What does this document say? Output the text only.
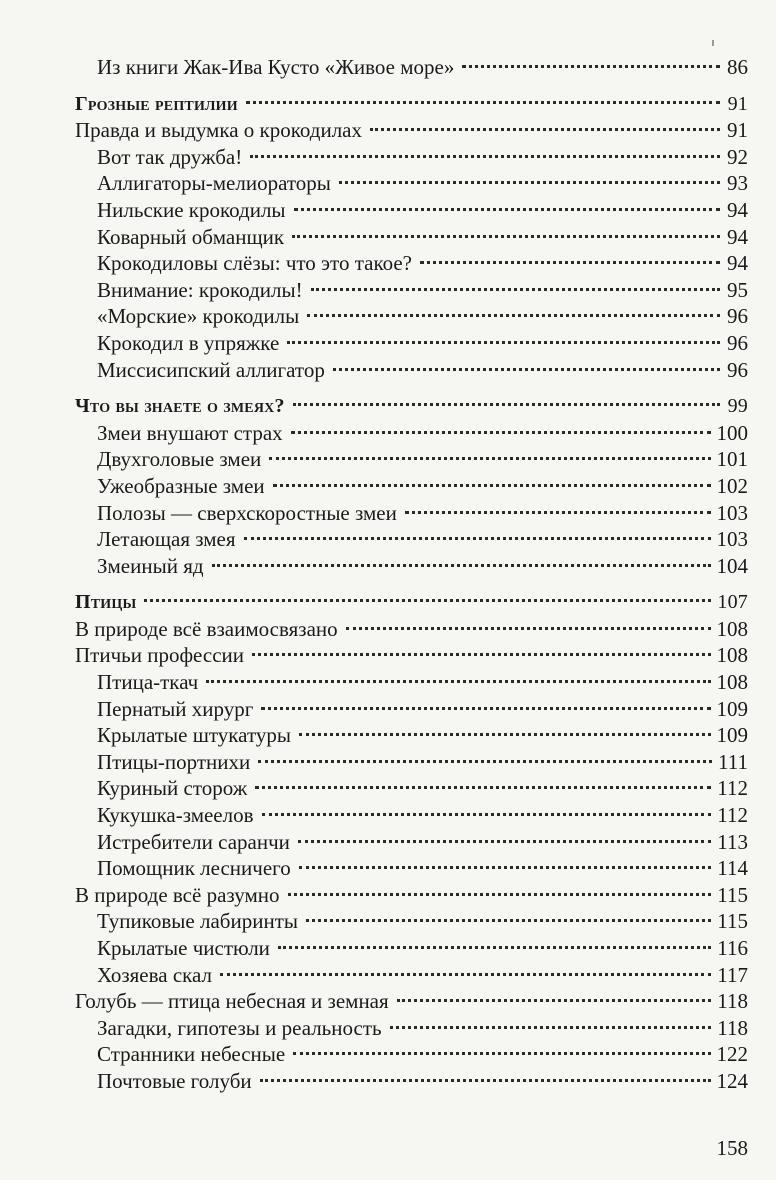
Из книги Жак-Ива Кусто «Живое море»	86
Грозные рептилии	91
Правда и выдумка о крокодилах	91
Вот так дружба!	92
Аллигаторы-мелиораторы	93
Нильские крокодилы	94
Коварный обманщик	94
Крокодиловы слёзы: что это такое?	94
Внимание: крокодилы!	95
«Морские» крокодилы	96
Крокодил в упряжке	96
Миссисипский аллигатор	96
Что вы знаете о змеях?	99
Змеи внушают страх	100
Двухголовые змеи	101
Ужеобразные змеи	102
Полозы — сверхскоростные змеи	103
Летающая змея	103
Змеиный яд	104
Птицы	107
В природе всё взаимосвязано	108
Птичьи профессии	108
Птица-ткач	108
Пернатый хирург	109
Крылатые штукатуры	109
Птицы-портнихи	111
Куриный сторож	112
Кукушка-змеелов	112
Истребители саранчи	113
Помощник лесничего	114
В природе всё разумно	115
Тупиковые лабиринты	115
Крылатые чистюли	116
Хозяева скал	117
Голубь — птица небесная и земная	118
Загадки, гипотезы и реальность	118
Странники небесные	122
Почтовые голуби	124
158
